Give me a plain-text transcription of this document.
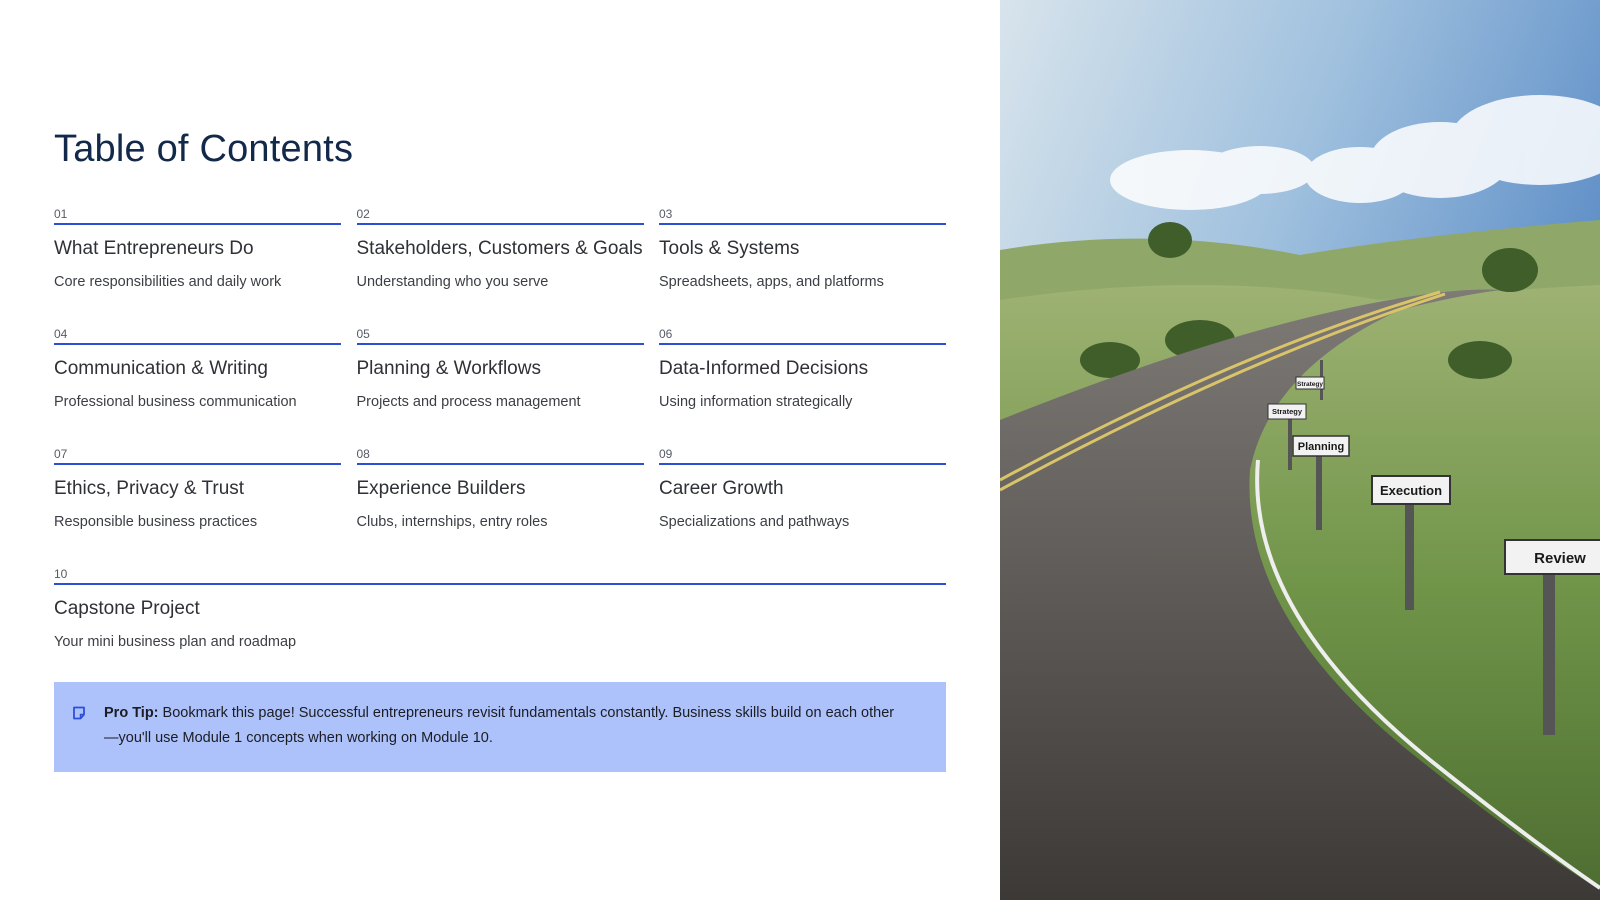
Table of Contents
01
What Entrepreneurs Do
Core responsibilities and daily work
02
Stakeholders, Customers & Goals
Understanding who you serve
03
Tools & Systems
Spreadsheets, apps, and platforms
04
Communication & Writing
Professional business communication
05
Planning & Workflows
Projects and process management
06
Data-Informed Decisions
Using information strategically
07
Ethics, Privacy & Trust
Responsible business practices
08
Experience Builders
Clubs, internships, entry roles
09
Career Growth
Specializations and pathways
10
Capstone Project
Your mini business plan and roadmap
Pro Tip: Bookmark this page! Successful entrepreneurs revisit fundamentals constantly. Business skills build on each other—you'll use Module 1 concepts when working on Module 10.
Strategy
Strategy
Planning
Execution
Review
